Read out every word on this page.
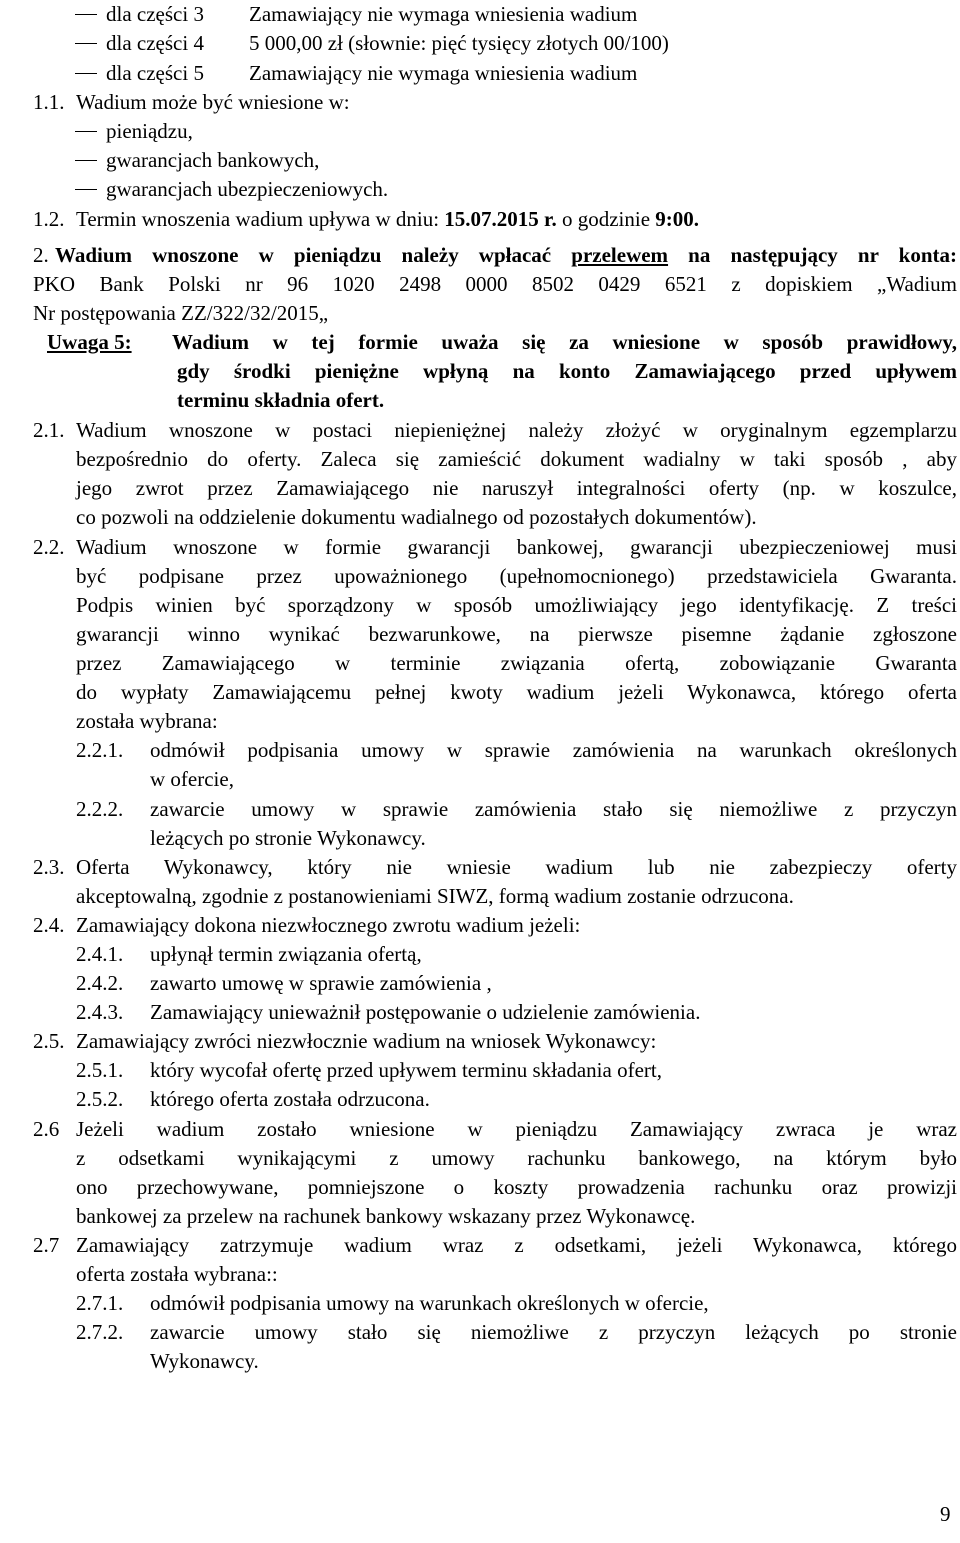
dla części 3 Zamawiający nie wymaga wniesienia wadium
dla części 4 5 000,00 zł (słownie: pięć tysięcy złotych 00/100)
dla części 5 Zamawiający nie wymaga wniesienia wadium
1.1. Wadium może być wniesione w:
pieniądzu,
gwarancjach bankowych,
gwarancjach ubezpieczeniowych.
1.2. Termin wnoszenia wadium upływa w dniu: 15.07.2015 r. o godzinie 9:00.
2. Wadium wnoszone w pieniądzu należy wpłacać przelewem na następujący nr konta:
PKO Bank Polski nr 96 1020 2498 0000 8502 0429 6521 z dopiskiem „Wadium
Nr postępowania ZZ/322/32/2015„
Uwaga 5: Wadium w tej formie uważa się za wniesione w sposób prawidłowy,
gdy środki pieniężne wpłyną na konto Zamawiającego przed upływem
terminu składnia ofert.
2.1. Wadium wnoszone w postaci niepieniężnej należy złożyć w oryginalnym egzemplarzu
bezpośrednio do oferty. Zaleca się zamieścić dokument wadialny w taki sposób , aby
jego zwrot przez Zamawiającego nie naruszył integralności oferty (np. w koszulce,
co pozwoli na oddzielenie dokumentu wadialnego od pozostałych dokumentów).
2.2. Wadium wnoszone w formie gwarancji bankowej, gwarancji ubezpieczeniowej musi
być podpisane przez upoważnionego (upełnomocnionego) przedstawiciela Gwaranta.
Podpis winien być sporządzony w sposób umożliwiający jego identyfikację. Z treści
gwarancji winno wynikać bezwarunkowe, na pierwsze pisemne żądanie zgłoszone
przez Zamawiającego w terminie związania ofertą, zobowiązanie Gwaranta
do wypłaty Zamawiającemu pełnej kwoty wadium jeżeli Wykonawca, którego oferta
została wybrana:
2.2.1. odmówił podpisania umowy w sprawie zamówienia na warunkach określonych
w ofercie,
2.2.2. zawarcie umowy w sprawie zamówienia stało się niemożliwe z przyczyn
leżących po stronie Wykonawcy.
2.3. Oferta Wykonawcy, który nie wniesie wadium lub nie zabezpieczy oferty
akceptowalną, zgodnie z postanowieniami SIWZ, formą wadium zostanie odrzucona.
2.4. Zamawiający dokona niezwłocznego zwrotu wadium jeżeli:
2.4.1. upłynął termin związania ofertą,
2.4.2. zawarto umowę w sprawie zamówienia ,
2.4.3. Zamawiający unieważnił postępowanie o udzielenie zamówienia.
2.5. Zamawiający zwróci niezwłocznie wadium na wniosek Wykonawcy:
2.5.1. który wycofał ofertę przed upływem terminu składania ofert,
2.5.2. którego oferta została odrzucona.
2.6 Jeżeli wadium zostało wniesione w pieniądzu Zamawiający zwraca je wraz
z odsetkami wynikającymi z umowy rachunku bankowego, na którym było
ono przechowywane, pomniejszone o koszty prowadzenia rachunku oraz prowizji
bankowej za przelew na rachunek bankowy wskazany przez Wykonawcę.
2.7 Zamawiający zatrzymuje wadium wraz z odsetkami, jeżeli Wykonawca, którego
oferta została wybrana::
2.7.1. odmówił podpisania umowy na warunkach określonych w ofercie,
2.7.2. zawarcie umowy stało się niemożliwe z przyczyn leżących po stronie
Wykonawcy.
9
